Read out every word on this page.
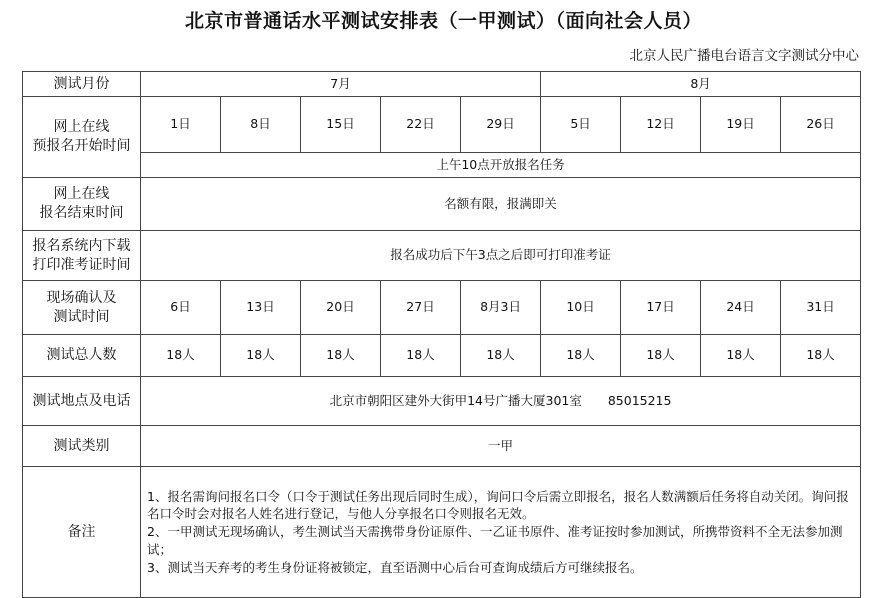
北京市普通话水平测试安排表（一甲测试）（面向社会人员）
北京人民广播电台语言文字测试分中心
测试月份	7月					8月			

网上在线
预报名开始时间	1日	8日	15日	22日	29日	5日	12日	19日	26日
	上午10点开放报名任务								

网上在线
报名结束时间	名额有限，报满即关								

报名系统内下载
打印准考证时间	报名成功后下午3点之后即可打印准考证								

现场确认及
测试时间	6日	13日	20日	27日	8月3日	10日	17日	24日	31日
测试总人数	18人	18人	18人	18人	18人	18人	18人	18人	18人
测试地点及电话	北京市朝阳区建外大街甲14号广播大厦301室 85015215								
测试类别	一甲								
备注	1、报名需询问报名口令（口令于测试任务出现后同时生成），询问口令后需立即报名，报名人数满额后任务将自动关闭。询问报名口令时会对报名人姓名进行登记，与他人分享报名口令则报名无效。
2、一甲测试无现场确认，考生测试当天需携带身份证原件、一乙证书原件、准考证按时参加测试，所携带资料不全无法参加测试；
3、测试当天弃考的考生身份证将被锁定，直至语测中心后台可查询成绩后方可继续报名。								
